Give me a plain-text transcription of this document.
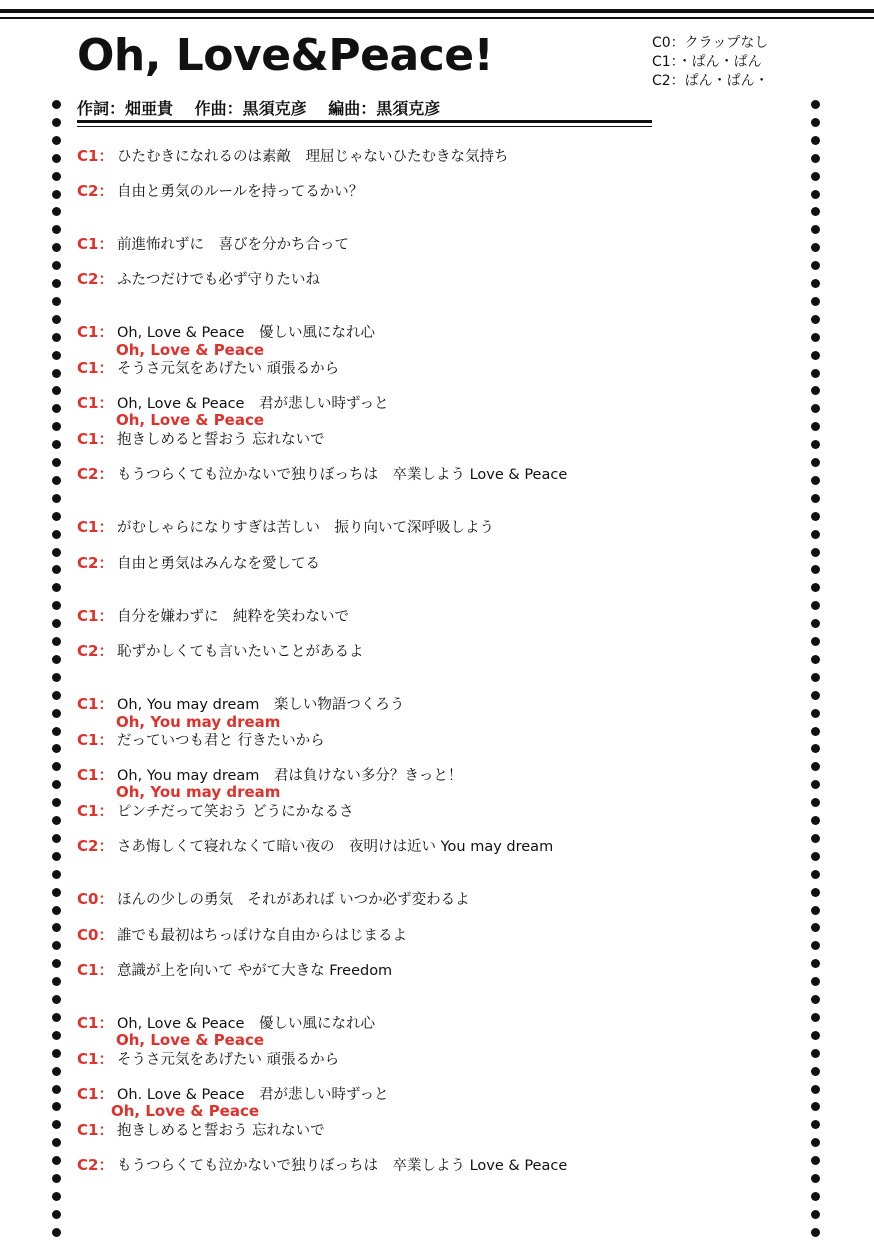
Oh, Love&Peace!	C0：クラップなし
C1：・ぱん・ぱん
C2：ぱん・ぱん・
作詞：畑亜貴 作曲：黒須克彦 編曲：黒須克彦
C1： ひたむきになれるのは素敵　理屈じゃないひたむきな気持ち
C2： 自由と勇気のルールを持ってるかい？
C1： 前進怖れずに　喜びを分かち合って
C2： ふたつだけでも必ず守りたいね
C1： Oh, Love & Peace　優しい風になれ心
Oh, Love & Peace
C1： そうさ元気をあげたい 頑張るから
C1： Oh, Love & Peace　君が悲しい時ずっと
Oh, Love & Peace
C1： 抱きしめると誓おう 忘れないで
C2： もうつらくても泣かないで独りぼっちは　卒業しよう Love & Peace
C1： がむしゃらになりすぎは苦しい　振り向いて深呼吸しよう
C2： 自由と勇気はみんなを愛してる
C1： 自分を嫌わずに　純粋を笑わないで
C2： 恥ずかしくても言いたいことがあるよ
C1： Oh, You may dream　楽しい物語つくろう
Oh, You may dream
C1： だっていつも君と 行きたいから
C1： Oh, You may dream　君は負けない多分？きっと！
Oh, You may dream
C1： ピンチだって笑おう どうにかなるさ
C2： さあ悔しくて寝れなくて暗い夜の　夜明けは近い You may dream
C0： ほんの少しの勇気　それがあれば いつか必ず変わるよ
C0： 誰でも最初はちっぽけな自由からはじまるよ
C1： 意識が上を向いて やがて大きな Freedom
C1： Oh, Love & Peace　優しい風になれ心
Oh, Love & Peace
C1： そうさ元気をあげたい 頑張るから
C1： Oh. Love & Peace　君が悲しい時ずっと
Oh, Love & Peace
C1： 抱きしめると誓おう 忘れないで
C2： もうつらくても泣かないで独りぼっちは　卒業しよう Love & Peace
